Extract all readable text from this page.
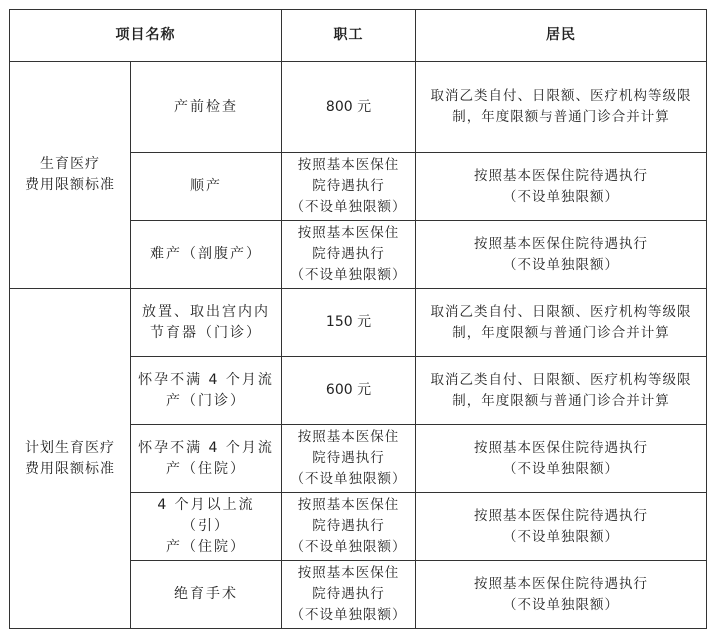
项目名称		职工	居民

生育医疗
费用限额标准	产前检查	800 元	取消乙类自付、日限额、医疗机构等级限
制，年度限额与普通门诊合并计算

	顺产	按照基本医保住
院待遇执行
（不设单独限额）	按照基本医保住院待遇执行
（不设单独限额）

	难产（剖腹产）	按照基本医保住
院待遇执行
（不设单独限额）	按照基本医保住院待遇执行
（不设单独限额）

计划生育医疗
费用限额标准	放置、取出宫内内
节育器（门诊）	150 元	取消乙类自付、日限额、医疗机构等级限
制，年度限额与普通门诊合并计算

	怀孕不满 4 个月流
产（门诊）	600 元	取消乙类自付、日限额、医疗机构等级限
制，年度限额与普通门诊合并计算

	怀孕不满 4 个月流
产（住院）	按照基本医保住
院待遇执行
（不设单独限额）	按照基本医保住院待遇执行
（不设单独限额）

	4 个月以上流（引）
产（住院）	按照基本医保住
院待遇执行
（不设单独限额）	按照基本医保住院待遇执行
（不设单独限额）

	绝育手术	按照基本医保住
院待遇执行
（不设单独限额）	按照基本医保住院待遇执行
（不设单独限额）
